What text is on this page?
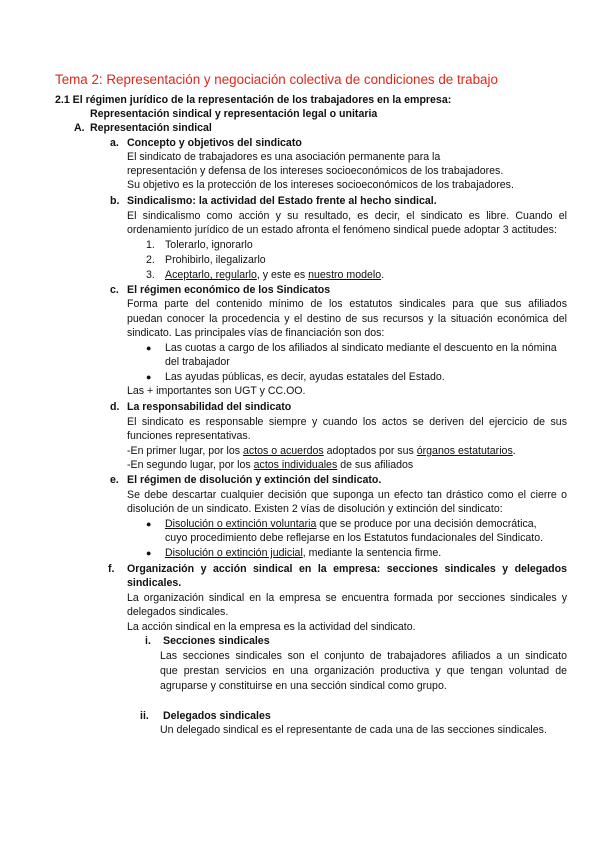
Tema 2: Representación y negociación colectiva de condiciones de trabajo
2.1 El régimen jurídico de la representación de los trabajadores en la empresa:
Representación sindical y representación legal o unitaria
A. Representación sindical
a. Concepto y objetivos del sindicato
El sindicato de trabajadores es una asociación permanente para la
representación y defensa de los intereses socioeconómicos de los trabajadores.
Su objetivo es la protección de los intereses socioeconómicos de los trabajadores.
b. Sindicalismo: la actividad del Estado frente al hecho sindical.
El sindicalismo como acción y su resultado, es decir, el sindicato es libre. Cuando el
ordenamiento jurídico de un estado afronta el fenómeno sindical puede adoptar 3 actitudes:
1. Tolerarlo, ignorarlo
2. Prohibirlo, ilegalizarlo
3. Aceptarlo, regularlo, y este es nuestro modelo.
c. El régimen económico de los Sindicatos
Forma parte del contenido mínimo de los estatutos sindicales para que sus afiliados
puedan conocer la procedencia y el destino de sus recursos y la situación económica del
sindicato. Las principales vías de financiación son dos:
● Las cuotas a cargo de los afiliados al sindicato mediante el descuento en la nómina
del trabajador
● Las ayudas públicas, es decir, ayudas estatales del Estado.
Las + importantes son UGT y CC.OO.
d. La responsabilidad del sindicato
El sindicato es responsable siempre y cuando los actos se deriven del ejercicio de sus
funciones representativas.
-En primer lugar, por los actos o acuerdos adoptados por sus órganos estatutarios.
-En segundo lugar, por los actos individuales de sus afiliados
e. El régimen de disolución y extinción del sindicato.
Se debe descartar cualquier decisión que suponga un efecto tan drástico como el cierre o
disolución de un sindicato. Existen 2 vías de disolución y extinción del sindicato:
● Disolución o extinción voluntaria que se produce por una decisión democrática,
cuyo procedimiento debe reflejarse en los Estatutos fundacionales del Sindicato.
● Disolución o extinción judicial, mediante la sentencia firme.
f. Organización y acción sindical en la empresa: secciones sindicales y delegados
sindicales.
La organización sindical en la empresa se encuentra formada por secciones sindicales y
delegados sindicales.
La acción sindical en la empresa es la actividad del sindicato.
i. Secciones sindicales
Las secciones sindicales son el conjunto de trabajadores afiliados a un sindicato
que prestan servicios en una organización productiva y que tengan voluntad de
agruparse y constituirse en una sección sindical como grupo.
ii. Delegados sindicales
Un delegado sindical es el representante de cada una de las secciones sindicales.
